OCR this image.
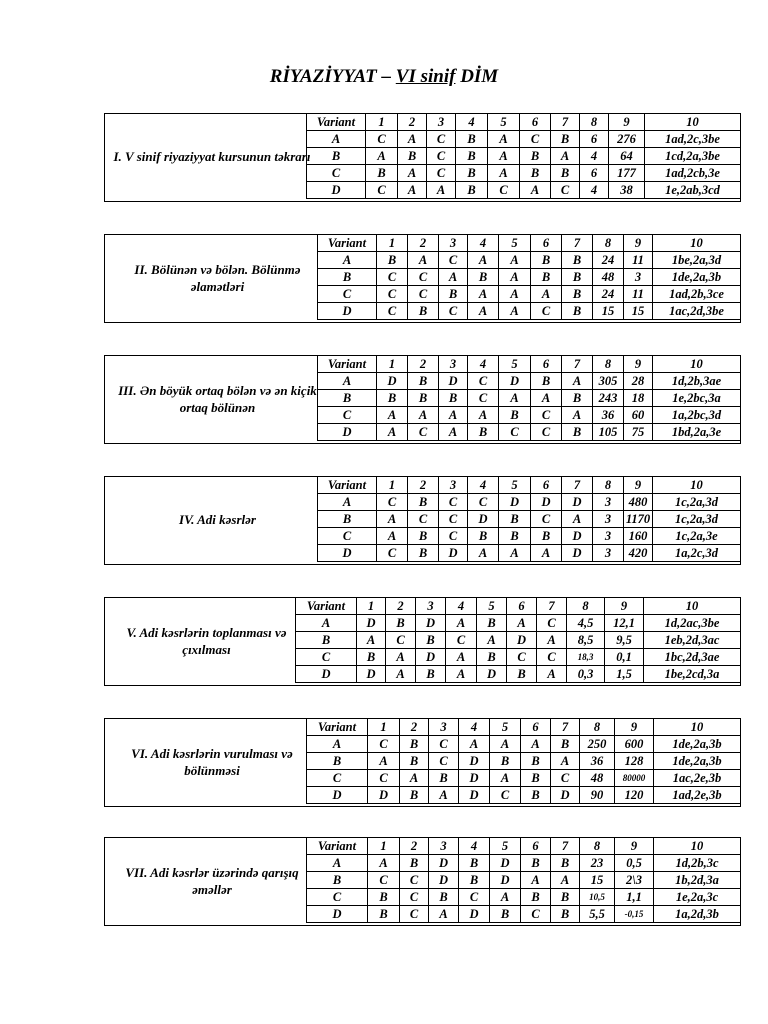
RİYAZİYYAT – VI sinif DİM
I. V sinif riyaziyyat kursunun təkrarı
Variant	1	2	3	4	5	6	7	8	9	10
A	C	A	C	B	A	C	B	6	276	1ad,2c,3be
B	A	B	C	B	A	B	A	4	64	1cd,2a,3be
C	B	A	C	B	A	B	B	6	177	1ad,2cb,3e
D	C	A	A	B	C	A	C	4	38	1e,2ab,3cd
II. Bölünən və bölən. Bölünmə əlamətləri
Variant	1	2	3	4	5	6	7	8	9	10
A	B	A	C	A	A	B	B	24	11	1be,2a,3d
B	C	C	A	B	A	B	B	48	3	1de,2a,3b
C	C	C	B	A	A	A	B	24	11	1ad,2b,3ce
D	C	B	C	A	A	C	B	15	15	1ac,2d,3be
III. Ən böyük ortaq bölən və ən kiçik ortaq bölünən
Variant	1	2	3	4	5	6	7	8	9	10
A	D	B	D	C	D	B	A	305	28	1d,2b,3ae
B	B	B	B	C	A	A	B	243	18	1e,2bc,3a
C	A	A	A	A	B	C	A	36	60	1a,2bc,3d
D	A	C	A	B	C	C	B	105	75	1bd,2a,3e
IV. Adi kəsrlər
Variant	1	2	3	4	5	6	7	8	9	10
A	C	B	C	C	D	D	D	3	480	1c,2a,3d
B	A	C	C	D	B	C	A	3	1170	1c,2a,3d
C	A	B	C	B	B	B	D	3	160	1c,2a,3e
D	C	B	D	A	A	A	D	3	420	1a,2c,3d
V. Adi kəsrlərin toplanması və çıxılması
Variant	1	2	3	4	5	6	7	8	9	10
A	D	B	D	A	B	A	C	4,5	12,1	1d,2ac,3be
B	A	C	B	C	A	D	A	8,5	9,5	1eb,2d,3ac
C	B	A	D	A	B	C	C	18,3	0,1	1bc,2d,3ae
D	D	A	B	A	D	B	A	0,3	1,5	1be,2cd,3a
VI. Adi kəsrlərin vurulması və bölünməsi
Variant	1	2	3	4	5	6	7	8	9	10
A	C	B	C	A	A	A	B	250	600	1de,2a,3b
B	A	B	C	D	B	B	A	36	128	1de,2a,3b
C	C	A	B	D	A	B	C	48	80000	1ac,2e,3b
D	D	B	A	D	C	B	D	90	120	1ad,2e,3b
VII. Adi kəsrlər üzərində qarışıq əməllər
Variant	1	2	3	4	5	6	7	8	9	10
A	A	B	D	B	D	B	B	23	0,5	1d,2b,3c
B	C	C	D	B	D	A	A	15	2\3	1b,2d,3a
C	B	C	B	C	A	B	B	10,5	1,1	1e,2a,3c
D	B	C	A	D	B	C	B	5,5	-0,15	1a,2d,3b
